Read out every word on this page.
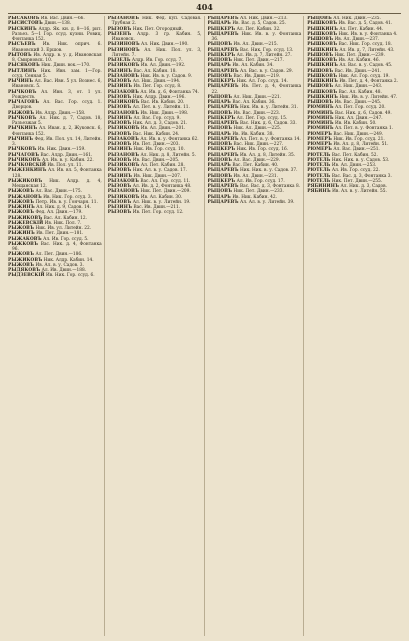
404

РЫСАКОВЪ Ив. Вас. Двин.—66.

РЫСИСТОВЪ Двин.—138.

РЫСКИНЪ Алдр. Як. кн. д. 8—16, рит. Разъез. 5—1 Гор. ссуд. кузни. Ровиц. Фонтанка 152.

РЫСЪЕВЪ Ив. Ник. оприч. 6. Ивановский 3. Ершов.

РЫТОВЪ Ив. Алдр. в. у. д. Ивановская 8, Смирновск. 10.

РЫСЯКОВЪ Ник. Двин. вок.—170.

РЫТЛИНЪ Ник. Ивн. зам. 1—Гор. ссуд. Сенная 5.

РЫЧИНЪ Ал. Вас. Ивн. 5 ул. Вознес. 6, Ивановск. 5.

РЫЧКОВЪ Ал. Ивн. 3, от. 1 ул. Рождеств.

РЫЧАГОВЪ Ал. Вас. Гор. ссуд. 1. Дворцов.

РЫЖОВЪ Ив. Алдр. Двин.—158.

РЫЧКОВЪ Ал. Ник. д. 7, Садов. 18, Разъезжая 5.

РЫЧКИНЪ Ал. Иван. д. 2, Жуковск. 6, Фонтанка 152.

РЫЧИНЪ Фед. Ив. Пол. ул. 14, Литейн. 3.

РЫЧКОВЪ Ив. Ник. Двин.—159.

РЫЧАГОВЪ Вас. Алдр. Двин.—161.

РЫЧИКОВЪ Ал. Ив. в. у. Кабин. 22.

РЫЧКОВСКІЙ Ив. Пол. ул. 11.

РЫЖЕНКИНЪ Ал. Ив. вл. 5, Фонтанка 128.

РЫЖИКОВЪ Ник. Алдр. д. 4, Мещанская 12.

РЫЖОВЪ Ал. Вас. Двин.—175.

РЫЖАНОВЪ Ив. Ник. Гор. ссуд. 3.

РЫЖОВЪ Петр. Ив. в. у. Гончарн. 11.

РЫЖИНЪ Ал. Ник. д. 9, Садов. 14.

РЫЖОВЪ Фед. Ал. Двин.—179.

РЫЖИКОВЪ Вас. Ал. Кабин. 12.

РЫЖЕВСКІЙ Ив. Ник. Пол. 7.

РЫЖОВЪ Ник. Ив. ул. Литейн. 22.

РЫЖИНЪ Ив. Пет. Двин.—181.

РЫЖАКОВЪ Ал. Ив. Гор. ссуд. 5.

РЫЖКОВЪ Вас. Ник. д. 4, Фонтанка 96.

РЫЖОВЪ Ал. Пет. Двин.—186.

РЫЖИКОВЪ Ник. Алдр. Кабин. 14.

РЫЖОВЪ Ив. Ал. в. у. Садов. 3.

РЫДЯКОВЪ Ал. Ив. Двин.—188.

РЫДЗЕВСКІЙ Ив. Ник. Гор. ссуд. 6.

РЫЗАНОВЪ Ник. Фед. куп. Садовая. Трубная 2.

РЫЗОВЪ Ник. Пет. Огородный.

РЫЗЕНЪ Алдр. 3 гр. Кабин. 5, Ивановск.

РЫЗИНОВЪ Ал. Ник. Двин.—190.

РЫЗИНОВЪ Ал. Ник. Пол. ул. 3, Литейн. 7.

РЫЗЕЛЬ Алдр. Ив. Гор. ссуд. 7.

РЫЗИКОВЪ Ив. Ал. Двин.—192.

РЫЗИНЪ Вас. Ал. Кабин. 18.

РЫЗАНОВЪ Ник. Ив. в. у. Садов. 9.

РЫЗОВЪ Ал. Ник. Двин.—194.

РЫЗИНЪ Ив. Пет. Гор. ссуд. 8.

РЫЗАКОВЪ Ал. Ив. д. 6, Фонтанка 74.

РЫЗОВЪ Ник. Алдр. Двин.—196.

РЫЗИКОВЪ Вас. Ив. Кабин. 20.

РЫЗОВЪ Ал. Пет. в. у. Литейн. 11.

РЫЗАНОВЪ Ив. Ник. Двин.—198.

РЫЗИНЪ Ал. Вас. Гор. ссуд. 9.

РЫЗОВЪ Ник. Ал. д. 3, Садов. 21.

РЫЗИКОВЪ Ив. Ал. Двин.—201.

РЫЗОВЪ Вас. Ник. Кабин. 24.

РЫЗАКОВЪ Ал. Ив. в. у. Фонтанка 62.

РЫЗОВЪ Ив. Пет. Двин.—203.

РЫЗИНЪ Ник. Ив. Гор. ссуд. 10.

РЫЗАНОВЪ Ал. Ник. д. 8, Литейн. 5.

РЫЗОВЪ Ив. Вас. Двин.—205.

РЫЗИКОВЪ Ал. Пет. Кабин. 28.

РЫЗОВЪ Ник. Ал. в. у. Садов. 17.

РЫЗИНЪ Ив. Ник. Двин.—207.

РЫЗАКОВЪ Вас. Ал. Гор. ссуд. 11.

РЫЗОВЪ Ал. Ив. д. 2, Фонтанка 48.

РЫЗАНОВЪ Ник. Пет. Двин.—209.

РЫЗИКОВЪ Ив. Ал. Кабин. 30.

РЫЗОВЪ Ал. Ник. в. у. Литейн. 19.

РЫЗИНЪ Вас. Ив. Двин.—211.

РЫЗОВЪ Ив. Пет. Гор. ссуд. 12.

РЫЦАРЕВЪ Ал. Ник. Двин.—213.

РЫЦАРЬ Ив. Вас. д. 5, Садов. 25.

РЫЦКЕРЪ Ал. Пет. Кабин. 32.

РЫЦАРЕВЪ Ник. Ив. в. у. Фонтанка 36.

РЫЦОВЪ Ив. Ал. Двин.—215.

РЫЦАРЕВЪ Вас. Ник. Гор. ссуд. 13.

РЫЦКЕРЪ Ал. Ив. д. 7, Литейн. 27.

РЫЦОВЪ Ник. Пет. Двин.—217.

РЫЦАРЬ Ив. Ал. Кабин. 34.

РЫЦАРЕВЪ Ал. Вас. в. у. Садов. 29.

РЫЦОВЪ Вас. Ив. Двин.—219.

РЫЦКЕРЪ Ник. Ал. Гор. ссуд. 14.

РЫЦАРЕВЪ Ив. Пет. д. 4, Фонтанка 22.

РЫЦОВЪ Ал. Ник. Двин.—221.

РЫЦАРЬ Вас. Ал. Кабин. 36.

РЫЦАРЕВЪ Ник. Ив. в. у. Литейн. 31.

РЫЦОВЪ Ив. Вас. Двин.—223.

РЫЦКЕРЪ Ал. Пет. Гор. ссуд. 15.

РЫЦАРЕВЪ Вас. Ник. д. 6, Садов. 33.

РЫЦОВЪ Ник. Ал. Двин.—225.

РЫЦАРЬ Ив. Ив. Кабин. 38.

РЫЦАРЕВЪ Ал. Пет. в. у. Фонтанка 14.

РЫЦОВЪ Вас. Ник. Двин.—227.

РЫЦКЕРЪ Ник. Ив. Гор. ссуд. 16.

РЫЦАРЕВЪ Ив. Ал. д. 8, Литейн. 35.

РЫЦОВЪ Ал. Вас. Двин.—229.

РЫЦАРЬ Вас. Пет. Кабин. 40.

РЫЦАРЕВЪ Ник. Ник. в. у. Садов. 37.

РЫЦОВЪ Ив. Ал. Двин.—231.

РЫЦКЕРЪ Ал. Ив. Гор. ссуд. 17.

РЫЦАРЕВЪ Вас. Вас. д. 3, Фонтанка 8.

РЫЦОВЪ Ник. Пет. Двин.—233.

РЫЦАРЬ Ив. Ник. Кабин. 42.

РЫЦАРЕВЪ Ал. Ал. в. у. Литейн. 39.

РЫЦОВЪ Ал. Ник. Двин.—235.

РЫШКОВЪ Ив. Вас. д. 5, Садов. 41.

РЫШКИНЪ Ал. Пет. Кабин. 44.

РЫШКОВЪ Ник. Ив. в. у. Фонтанка 4.

РЫШОВЪ Ив. Ал. Двин.—237.

РЫШКОВЪ Вас. Ник. Гор. ссуд. 18.

РЫШКИНЪ Ал. Ив. д. 7, Литейн. 43.

РЫШОВЪ Ник. Пет. Двин.—239.

РЫШКОВЪ Ив. Ал. Кабин. 46.

РЫШКИНЪ Ал. Вас. в. у. Садов. 45.

РЫШОВЪ Вас. Ив. Двин.—241.

РЫШКОВЪ Ник. Ал. Гор. ссуд. 19.

РЫШКИНЪ Ив. Пет. д. 4, Фонтанка 2.

РЫШОВЪ Ал. Ник. Двин.—243.

РЫШКОВЪ Вас. Ал. Кабин. 48.

РЫШКИНЪ Ник. Ив. в. у. Литейн. 47.

РЫШОВЪ Ив. Вас. Двин.—245.

РЮМИНЪ Ал. Пет. Гор. ссуд. 20.

РЮМИНЪ Вас. Ник. д. 6, Садов. 49.

РЮМИНЪ Ник. Ал. Двин.—247.

РЮМИНЪ Ив. Ив. Кабин. 50.

РЮМИНЪ Ал. Пет. в. у. Фонтанка 1.

РЮМЕРЪ Вас. Ник. Двин.—249.

РЮМЕРЪ Ник. Ив. Гор. ссуд. 21.

РЮМЕРЪ Ив. Ал. д. 8, Литейн. 51.

РЮМЕРЪ Ал. Вас. Двин.—251.

РЮТЕЛЬ Вас. Пет. Кабин. 52.

РЮТЕЛЬ Ник. Ник. в. у. Садов. 53.

РЮТЕЛЬ Ив. Ал. Двин.—253.

РЮТЕЛЬ Ал. Ив. Гор. ссуд. 22.

РЮТЕЛЬ Вас. Вас. д. 3, Фонтанка 3.

РЮТЕЛЬ Ник. Пет. Двин.—255.

РЯБИНИНЪ Ал. Ник. д. 3, Садов.

РЯБИНЪ Ив. Ал. в. у. Литейн. 55.
